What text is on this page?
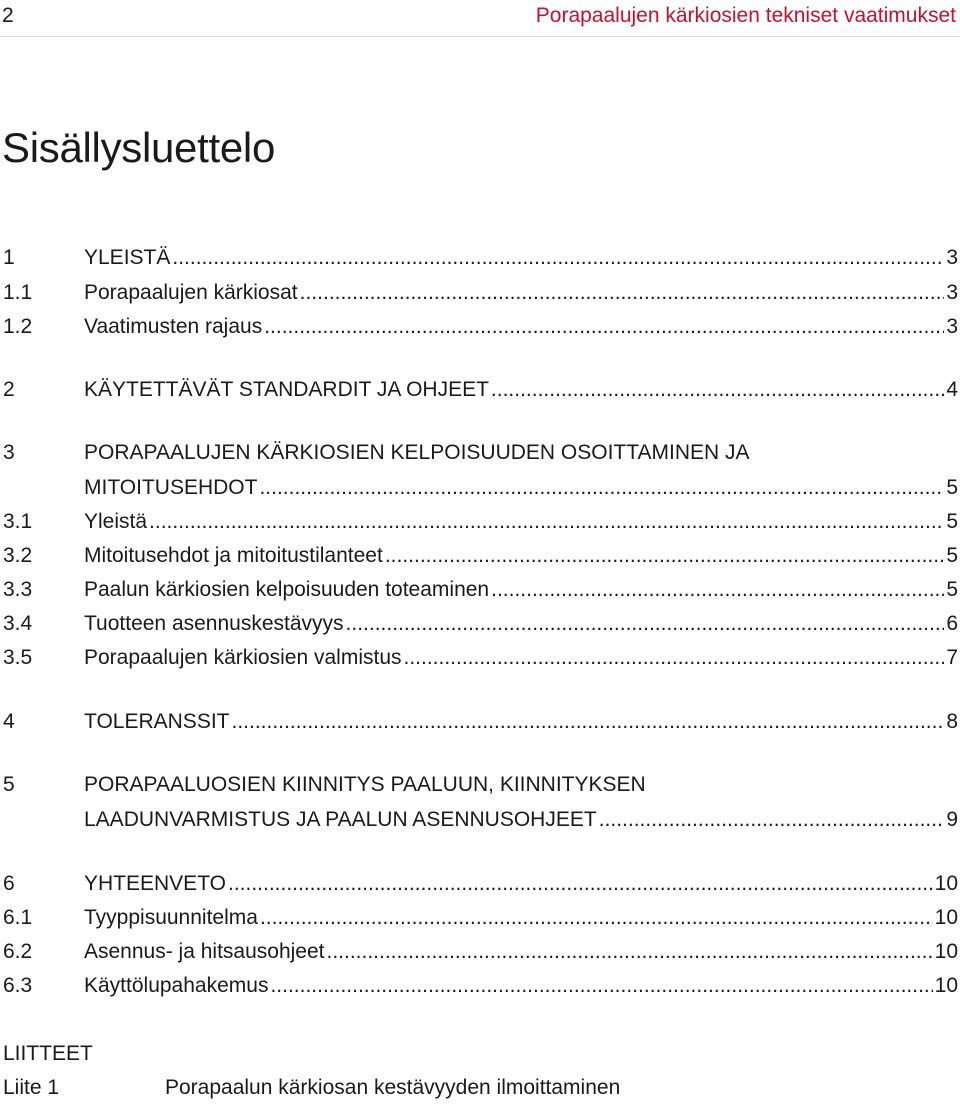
2	Porapaalujen kärkiosien tekniset vaatimukset
Sisällysluettelo
1	YLEISTÄ .....	3
1.1 Porapaalujen kärkiosat .....	3
1.2 Vaatimusten rajaus .....	3
2	KÄYTETTÄVÄT STANDARDIT JA OHJEET .....	4
3	PORAPAALUJEN KÄRKIOSIEN KELPOISUUDEN OSOITTAMINEN JA
MITOITUSEHDOT .....	5
3.1 Yleistä .....	5
3.2 Mitoitusehdot ja mitoitustilanteet .....	5
3.3 Paalun kärkiosien kelpoisuuden toteaminen .....	5
3.4 Tuotteen asennuskestävyys .....	6
3.5 Porapaalujen kärkiosien valmistus .....	7
4	TOLERANSSIT .....	8
5	PORAPAALUOSIEN KIINNITYS PAALUUN, KIINNITYKSEN
LAADUNVARMISTUS JA PAALUN ASENNUSOHJEET .....	9
6	YHTEENVETO .....	10
6.1 Tyyppisuunnitelma .....	10
6.2 Asennus- ja hitsausohjeet .....	10
6.3 Käyttölupahakemus .....	10
LIITTEET
Liite 1	Porapaalun kärkiosan kestävyyden ilmoittaminen
